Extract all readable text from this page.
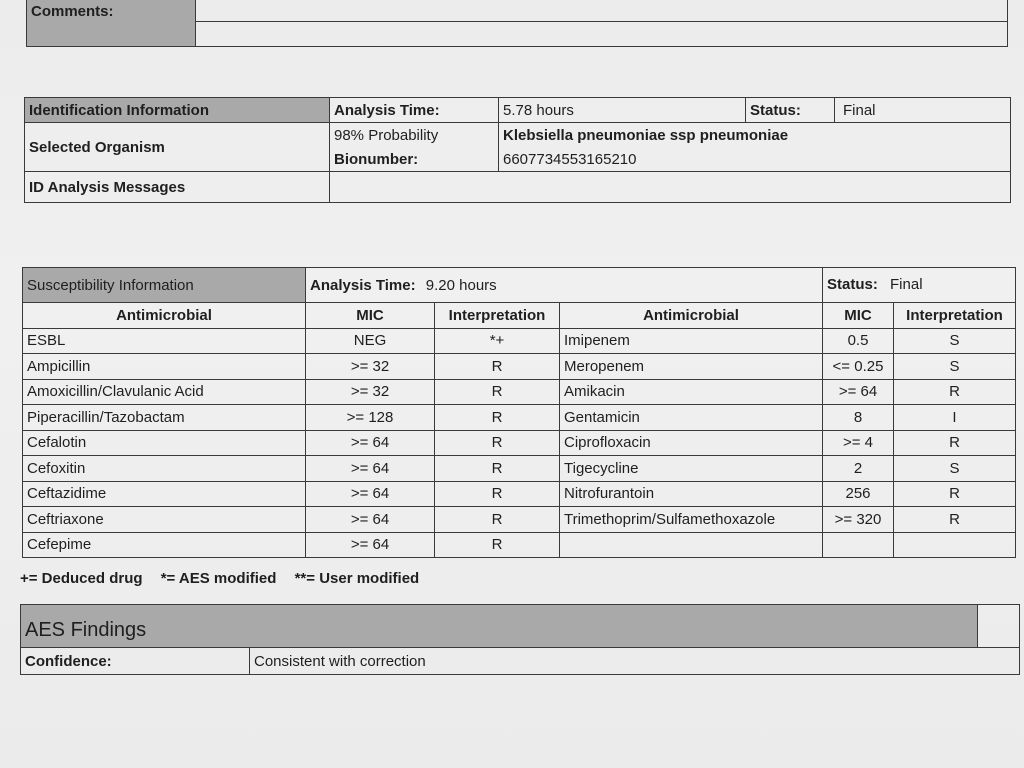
Comments:	

Identification Information	Analysis Time:	5.78 hours	Status:	Final
Selected Organism	98% Probability	Klebsiella pneumoniae ssp pneumoniae		
	Bionumber:	6607734553165210		
ID Analysis Messages				
Susceptibility Information	Analysis Time: 9.20 hours			Status: Final	
Antimicrobial	MIC	Interpretation	Antimicrobial	MIC	Interpretation
ESBL	NEG	*+	Imipenem	0.5	S
Ampicillin	>= 32	R	Meropenem	<= 0.25	S
Amoxicillin/Clavulanic Acid	>= 32	R	Amikacin	>= 64	R
Piperacillin/Tazobactam	>= 128	R	Gentamicin	8	I
Cefalotin	>= 64	R	Ciprofloxacin	>= 4	R
Cefoxitin	>= 64	R	Tigecycline	2	S
Ceftazidime	>= 64	R	Nitrofurantoin	256	R
Ceftriaxone	>= 64	R	Trimethoprim/Sulfamethoxazole	>= 320	R
Cefepime	>= 64	R			
+= Deduced drug *= AES modified **= User modified
AES Findings		
Confidence:	Consistent with correction	
